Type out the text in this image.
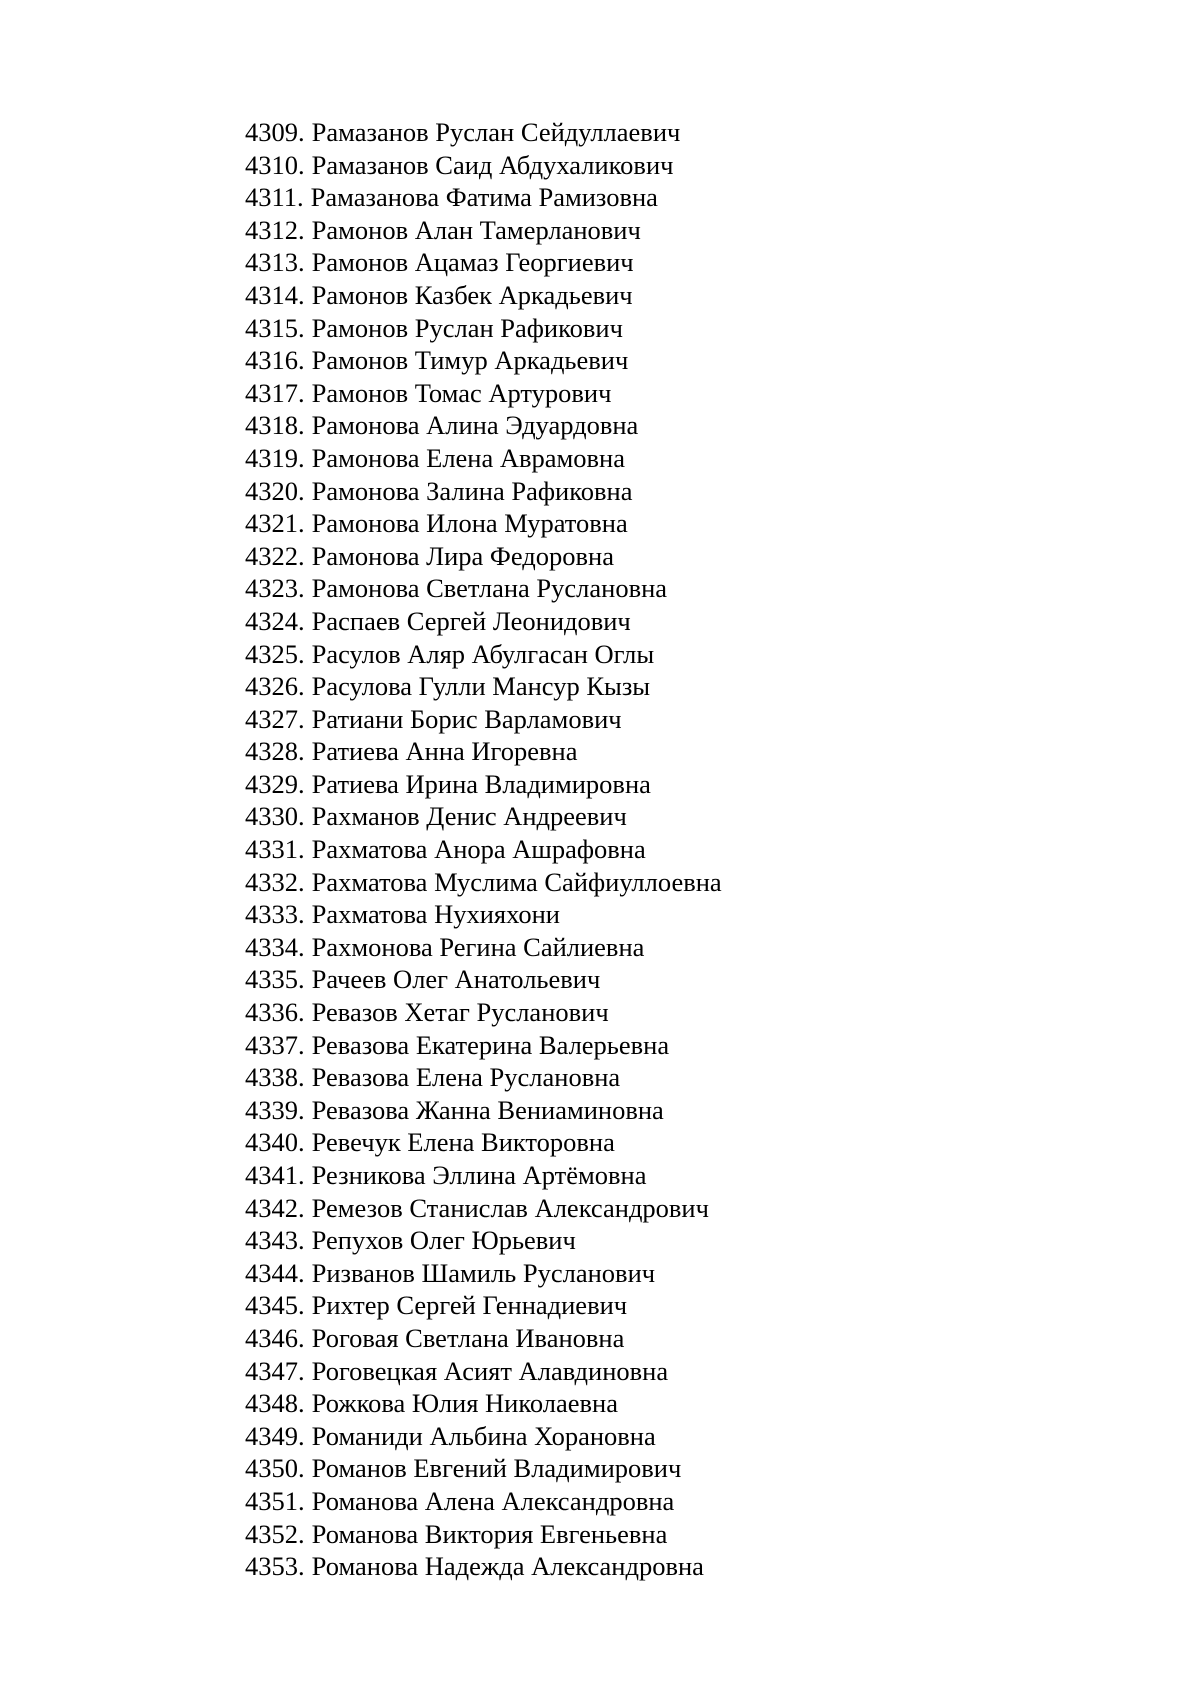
4309. Рамазанов Руслан Сейдуллаевич
4310. Рамазанов Саид Абдухаликович
4311. Рамазанова Фатима Рамизовна
4312. Рамонов Алан Тамерланович
4313. Рамонов Ацамаз Георгиевич
4314. Рамонов Казбек Аркадьевич
4315. Рамонов Руслан Рафикович
4316. Рамонов Тимур Аркадьевич
4317. Рамонов Томас Артурович
4318. Рамонова Алина Эдуардовна
4319. Рамонова Елена Аврамовна
4320. Рамонова Залина Рафиковна
4321. Рамонова Илона Муратовна
4322. Рамонова Лира Федоровна
4323. Рамонова Светлана Руслановна
4324. Распаев Сергей Леонидович
4325. Расулов Аляр Абулгасан Оглы
4326. Расулова Гулли Мансур Кызы
4327. Ратиани Борис Варламович
4328. Ратиева Анна Игоревна
4329. Ратиева Ирина Владимировна
4330. Рахманов Денис Андреевич
4331. Рахматова Анора Ашрафовна
4332. Рахматова Муслима Сайфиуллоевна
4333. Рахматова Нухияхони
4334. Рахмонова Регина Сайлиевна
4335. Рачеев Олег Анатольевич
4336. Ревазов Хетаг Русланович
4337. Ревазова Екатерина Валерьевна
4338. Ревазова Елена Руслановна
4339. Ревазова Жанна Вениаминовна
4340. Ревечук Елена Викторовна
4341. Резникова Эллина Артёмовна
4342. Ремезов Станислав Александрович
4343. Репухов Олег Юрьевич
4344. Ризванов Шамиль Русланович
4345. Рихтер Сергей Геннадиевич
4346. Роговая Светлана Ивановна
4347. Роговецкая Асият Алавдиновна
4348. Рожкова Юлия Николаевна
4349. Романиди Альбина Хорановна
4350. Романов Евгений Владимирович
4351. Романова Алена Александровна
4352. Романова Виктория Евгеньевна
4353. Романова Надежда Александровна
